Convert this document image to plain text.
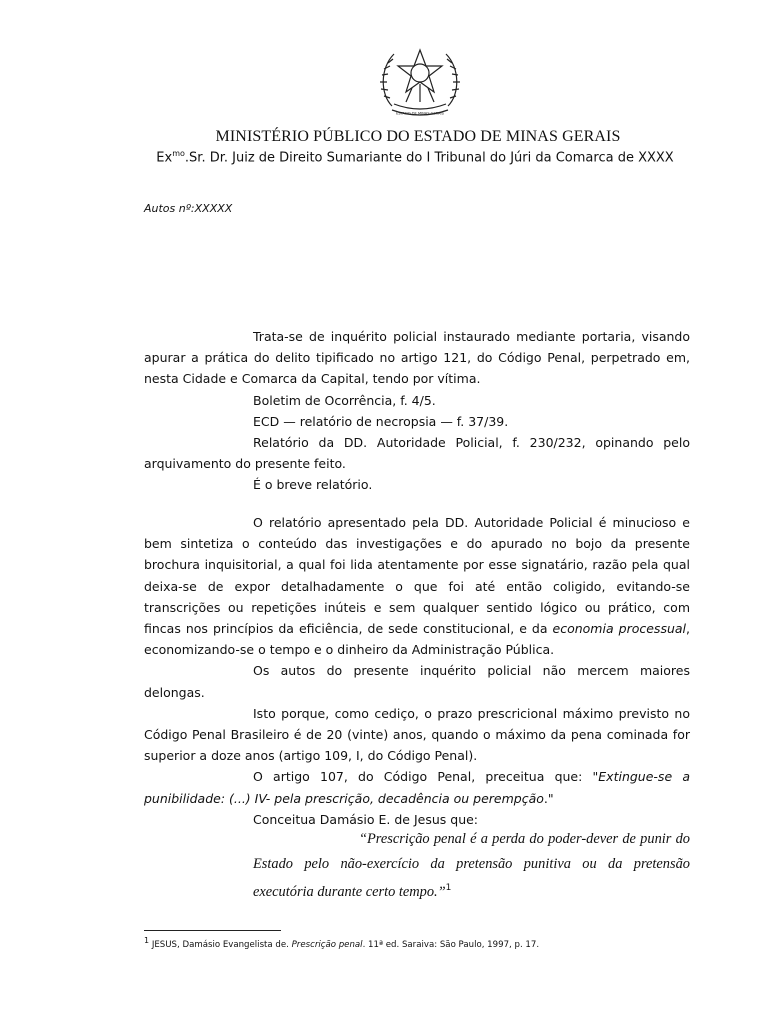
ESTADO DE MINAS GERAIS
MINISTÉRIO PÚBLICO DO ESTADO DE MINAS GERAIS
$Ex^{mo}.Sr$. Dr. Juiz de Direito Sumariante do I Tribunal do Júri da Comarca de XXXX
Autos nº:XXXXX

Trata-se de inquérito policial instaurado mediante portaria, visando apurar a prática do delito tipificado no artigo 121, do Código Penal, perpetrado em, nesta Cidade e Comarca da Capital, tendo por vítima.

Boletim de Ocorrência, f. 4/5.

ECD — relatório de necropsia — f. 37/39.

Relatório da DD. Autoridade Policial, f. 230/232, opinando pelo arquivamento do presente feito.

É o breve relatório.

O relatório apresentado pela DD. Autoridade Policial é minucioso e bem sintetiza o conteúdo das investigações e do apurado no bojo da presente brochura inquisitorial, a qual foi lida atentamente por esse signatário, razão pela qual deixa-se de expor detalhadamente o que foi até então coligido, evitando-se transcrições ou repetições inúteis e sem qualquer sentido lógico ou prático, com fincas nos princípios da eficiência, de sede constitucional, e da economia processual, economizando-se o tempo e o dinheiro da Administração Pública.

Os autos do presente inquérito policial não mercem maiores delongas.

Isto porque, como cediço, o prazo prescricional máximo previsto no Código Penal Brasileiro é de 20 (vinte) anos, quando o máximo da pena cominada for superior a doze anos (artigo 109, I, do Código Penal).

O artigo 107, do Código Penal, preceitua que: "Extingue-se a punibilidade: (...) IV- pela prescrição, decadência ou perempção."

Conceitua Damásio E. de Jesus que:

“Prescrição penal é a perda do poder-dever de punir do Estado pelo não-exercício da pretensão punitiva ou da pretensão executória durante certo tempo.”$^1$
$^1$ JESUS, Damásio Evangelista de. Prescrição penal. 11ª ed. Saraiva: São Paulo, 1997, p. 17.
